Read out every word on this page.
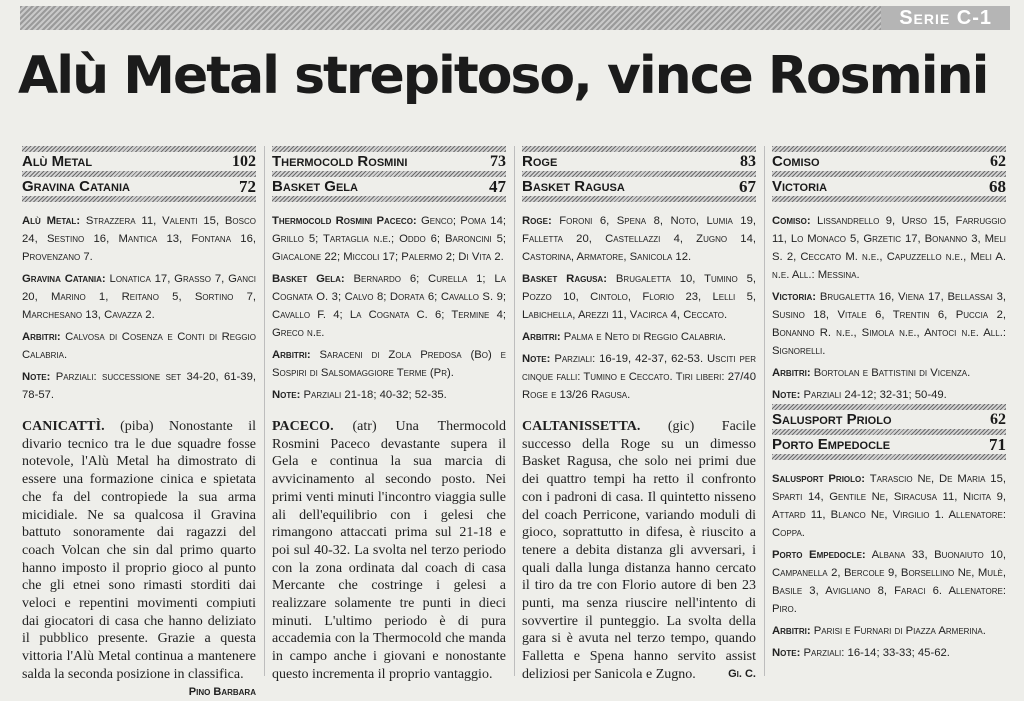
Serie C-1
Alù Metal strepitoso, vince Rosmini
Alù Metal	102
Gravina Catania	72

Alù Metal: Strazzera 11, Valenti 15, Bosco 24, Sestino 16, Mantica 13, Fontana 16, Provenzano 7.

Gravina Catania: Lonatica 17, Grasso 7, Ganci 20, Marino 1, Reitano 5, Sortino 7, Marchesano 13, Cavazza 2.

Arbitri: Calvosa di Cosenza e Conti di Reggio Calabria.

Note: Parziali: successione set 34-20, 61-39, 78-57.

Thermocold Rosmini	73
Basket Gela	47

Thermocold Rosmini Paceco: Genco; Poma 14; Grillo 5; Tartaglia n.e.; Oddo 6; Baroncini 5; Giacalone 22; Miccoli 17; Palermo 2; Di Vita 2.

Basket Gela: Bernardo 6; Curella 1; La Cognata O. 3; Calvo 8; Dorata 6; Cavallo S. 9; Cavallo F. 4; La Cognata C. 6; Termine 4; Greco n.e.

Arbitri: Saraceni di Zola Predosa (Bo) e Sospiri di Salsomaggiore Terme (Pr).

Note: Parziali 21-18; 40-32; 52-35.

Roge	83
Basket Ragusa	67

Roge: Foroni 6, Spena 8, Noto, Lumia 19, Falletta 20, Castellazzi 4, Zugno 14, Castorina, Armatore, Sanicola 12.

Basket Ragusa: Brugaletta 10, Tumino 5, Pozzo 10, Cintolo, Florio 23, Lelli 5, Labichella, Arezzi 11, Vacirca 4, Ceccato.

Arbitri: Palma e Neto di Reggio Calabria.

Note: Parziali: 16-19, 42-37, 62-53. Usciti per cinque falli: Tumino e Ceccato. Tiri liberi: 27/40 Roge e 13/26 Ragusa.

Comiso	62
Victoria	68

Comiso: Lissandrello 9, Urso 15, Farruggio 11, Lo Monaco 5, Grzetic 17, Bonanno 3, Meli S. 2, Ceccato M. n.e., Capuzzello n.e., Meli A. n.e. All.: Messina.

Victoria: Brugaletta 16, Viena 17, Bellassai 3, Susino 18, Vitale 6, Trentin 6, Puccia 2, Bonanno R. n.e., Simola n.e., Antoci n.e. All.: Signorelli.

Arbitri: Bortolan e Battistini di Vicenza.

Note: Parziali 24-12; 32-31; 50-49.

Salusport Priolo	62
Porto Empedocle	71

Salusport Priolo: Tarascio Ne, De Maria 15, Sparti 14, Gentile Ne, Siracusa 11, Nicita 9, Attard 11, Blanco Ne, Virgilio 1. Allenatore: Coppa.

Porto Empedocle: Albana 33, Buonaiuto 10, Campanella 2, Bercole 9, Borsellino Ne, Mulè, Basile 3, Avigliano 8, Faraci 6. Allenatore: Piro.

Arbitri: Parisi e Furnari di Piazza Armerina.

Note: Parziali: 16-14; 33-33; 45-62.

CANICATTÌ. (piba) Nonostante il divario tecnico tra le due squadre fosse notevole, l'Alù Metal ha dimostrato di essere una formazione cinica e spietata che fa del contropiede la sua arma micidiale. Ne sa qualcosa il Gravina battuto sonoramente dai ragazzi del coach Volcan che sin dal primo quarto hanno imposto il proprio gioco al punto che gli etnei sono rimasti storditi dai veloci e repentini movimenti compiuti dai giocatori di casa che hanno deliziato il pubblico presente. Grazie a questa vittoria l'Alù Metal continua a mantenere salda la seconda posizione in classifica.
Pino Barbara
PACECO. (atr) Una Thermocold Rosmini Paceco devastante supera il Gela e continua la sua marcia di avvicinamento al secondo posto. Nei primi venti minuti l'incontro viaggia sulle ali dell'equilibrio con i gelesi che rimangono attaccati prima sul 21-18 e poi sul 40-32. La svolta nel terzo periodo con la zona ordinata dal coach di casa Mercante che costringe i gelesi a realizzare solamente tre punti in dieci minuti. L'ultimo periodo è di pura accademia con la Thermocold che manda in campo anche i giovani e nonostante questo incrementa il proprio vantaggio.
CALTANISSETTA. (gic) Facile successo della Roge su un dimesso Basket Ragusa, che solo nei primi due dei quattro tempi ha retto il confronto con i padroni di casa. Il quintetto nisseno del coach Perricone, variando moduli di gioco, soprattutto in difesa, è riuscito a tenere a debita distanza gli avversari, i quali dalla lunga distanza hanno cercato il tiro da tre con Florio autore di ben 23 punti, ma senza riuscire nell'intento di sovvertire il punteggio. La svolta della gara si è avuta nel terzo tempo, quando Falletta e Spena hanno servito assist deliziosi per Sanicola e Zugno.	Gi. C.
